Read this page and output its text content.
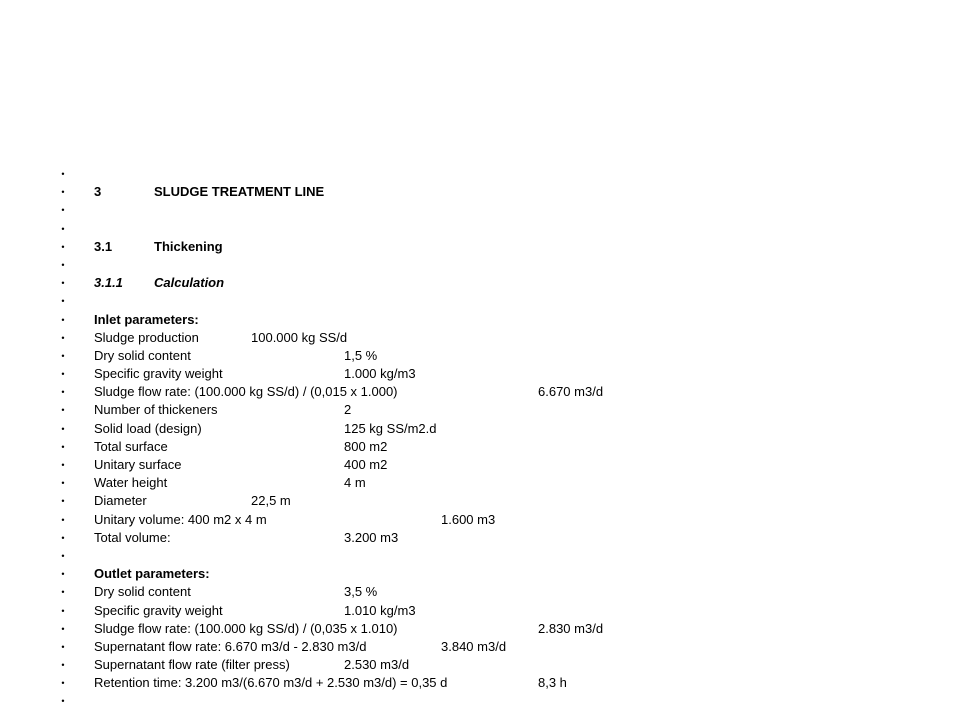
•
• 3	SLUDGE TREATMENT LINE
•
•
• 3.1	Thickening
•
• 3.1.1 Calculation
•
• Inlet parameters:
• Sludge production	100.000 kg SS/d
• Dry solid content	1,5 %
• Specific gravity weight	1.000 kg/m3
• Sludge flow rate: (100.000 kg SS/d) / (0,015 x 1.000)	6.670 m3/d
• Number of thickeners	2
• Solid load (design)	125 kg SS/m2.d
• Total surface	800 m2
• Unitary surface	400 m2
• Water height	4 m
• Diameter	22,5 m
• Unitary volume: 400 m2 x 4 m	1.600 m3
• Total volume:	3.200 m3
•
• Outlet parameters:
• Dry solid content	3,5 %
• Specific gravity weight	1.010 kg/m3
• Sludge flow rate: (100.000 kg SS/d) / (0,035 x 1.010)	2.830 m3/d
• Supernatant flow rate: 6.670 m3/d - 2.830 m3/d	3.840 m3/d
• Supernatant flow rate (filter press)	2.530 m3/d
• Retention time: 3.200 m3/(6.670 m3/d + 2.530 m3/d) = 0,35 d	8,3 h
•
